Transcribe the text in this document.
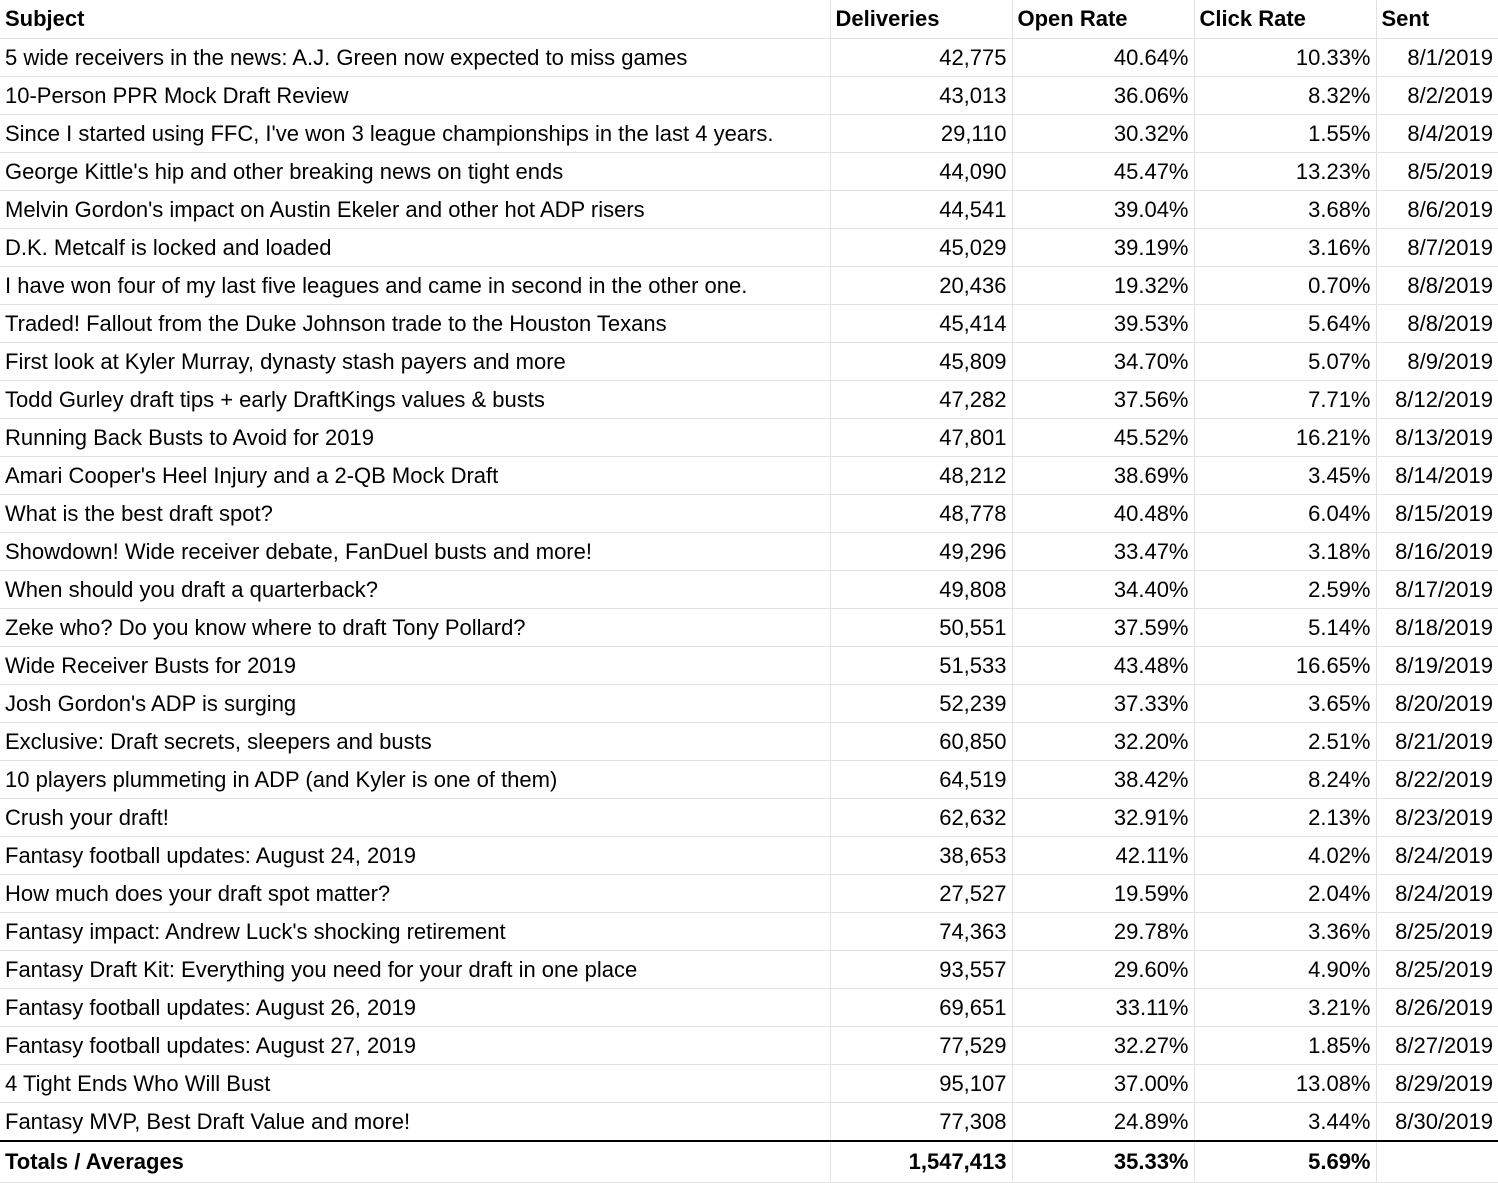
Subject	Deliveries	Open Rate	Click Rate	Sent
5 wide receivers in the news: A.J. Green now expected to miss games	42,775	40.64%	10.33%	8/1/2019
10-Person PPR Mock Draft Review	43,013	36.06%	8.32%	8/2/2019
Since I started using FFC, I've won 3 league championships in the last 4 years.	29,110	30.32%	1.55%	8/4/2019
George Kittle's hip and other breaking news on tight ends	44,090	45.47%	13.23%	8/5/2019
Melvin Gordon's impact on Austin Ekeler and other hot ADP risers	44,541	39.04%	3.68%	8/6/2019
D.K. Metcalf is locked and loaded	45,029	39.19%	3.16%	8/7/2019
I have won four of my last five leagues and came in second in the other one.	20,436	19.32%	0.70%	8/8/2019
Traded! Fallout from the Duke Johnson trade to the Houston Texans	45,414	39.53%	5.64%	8/8/2019
First look at Kyler Murray, dynasty stash payers and more	45,809	34.70%	5.07%	8/9/2019
Todd Gurley draft tips + early DraftKings values & busts	47,282	37.56%	7.71%	8/12/2019
Running Back Busts to Avoid for 2019	47,801	45.52%	16.21%	8/13/2019
Amari Cooper's Heel Injury and a 2-QB Mock Draft	48,212	38.69%	3.45%	8/14/2019
What is the best draft spot?	48,778	40.48%	6.04%	8/15/2019
Showdown! Wide receiver debate, FanDuel busts and more!	49,296	33.47%	3.18%	8/16/2019
When should you draft a quarterback?	49,808	34.40%	2.59%	8/17/2019
Zeke who? Do you know where to draft Tony Pollard?	50,551	37.59%	5.14%	8/18/2019
Wide Receiver Busts for 2019	51,533	43.48%	16.65%	8/19/2019
Josh Gordon's ADP is surging	52,239	37.33%	3.65%	8/20/2019
Exclusive: Draft secrets, sleepers and busts	60,850	32.20%	2.51%	8/21/2019
10 players plummeting in ADP (and Kyler is one of them)	64,519	38.42%	8.24%	8/22/2019
Crush your draft!	62,632	32.91%	2.13%	8/23/2019
Fantasy football updates: August 24, 2019	38,653	42.11%	4.02%	8/24/2019
How much does your draft spot matter?	27,527	19.59%	2.04%	8/24/2019
Fantasy impact: Andrew Luck's shocking retirement	74,363	29.78%	3.36%	8/25/2019
Fantasy Draft Kit: Everything you need for your draft in one place	93,557	29.60%	4.90%	8/25/2019
Fantasy football updates: August 26, 2019	69,651	33.11%	3.21%	8/26/2019
Fantasy football updates: August 27, 2019	77,529	32.27%	1.85%	8/27/2019
4 Tight Ends Who Will Bust	95,107	37.00%	13.08%	8/29/2019
Fantasy MVP, Best Draft Value and more!	77,308	24.89%	3.44%	8/30/2019
Totals / Averages	1,547,413	35.33%	5.69%	
